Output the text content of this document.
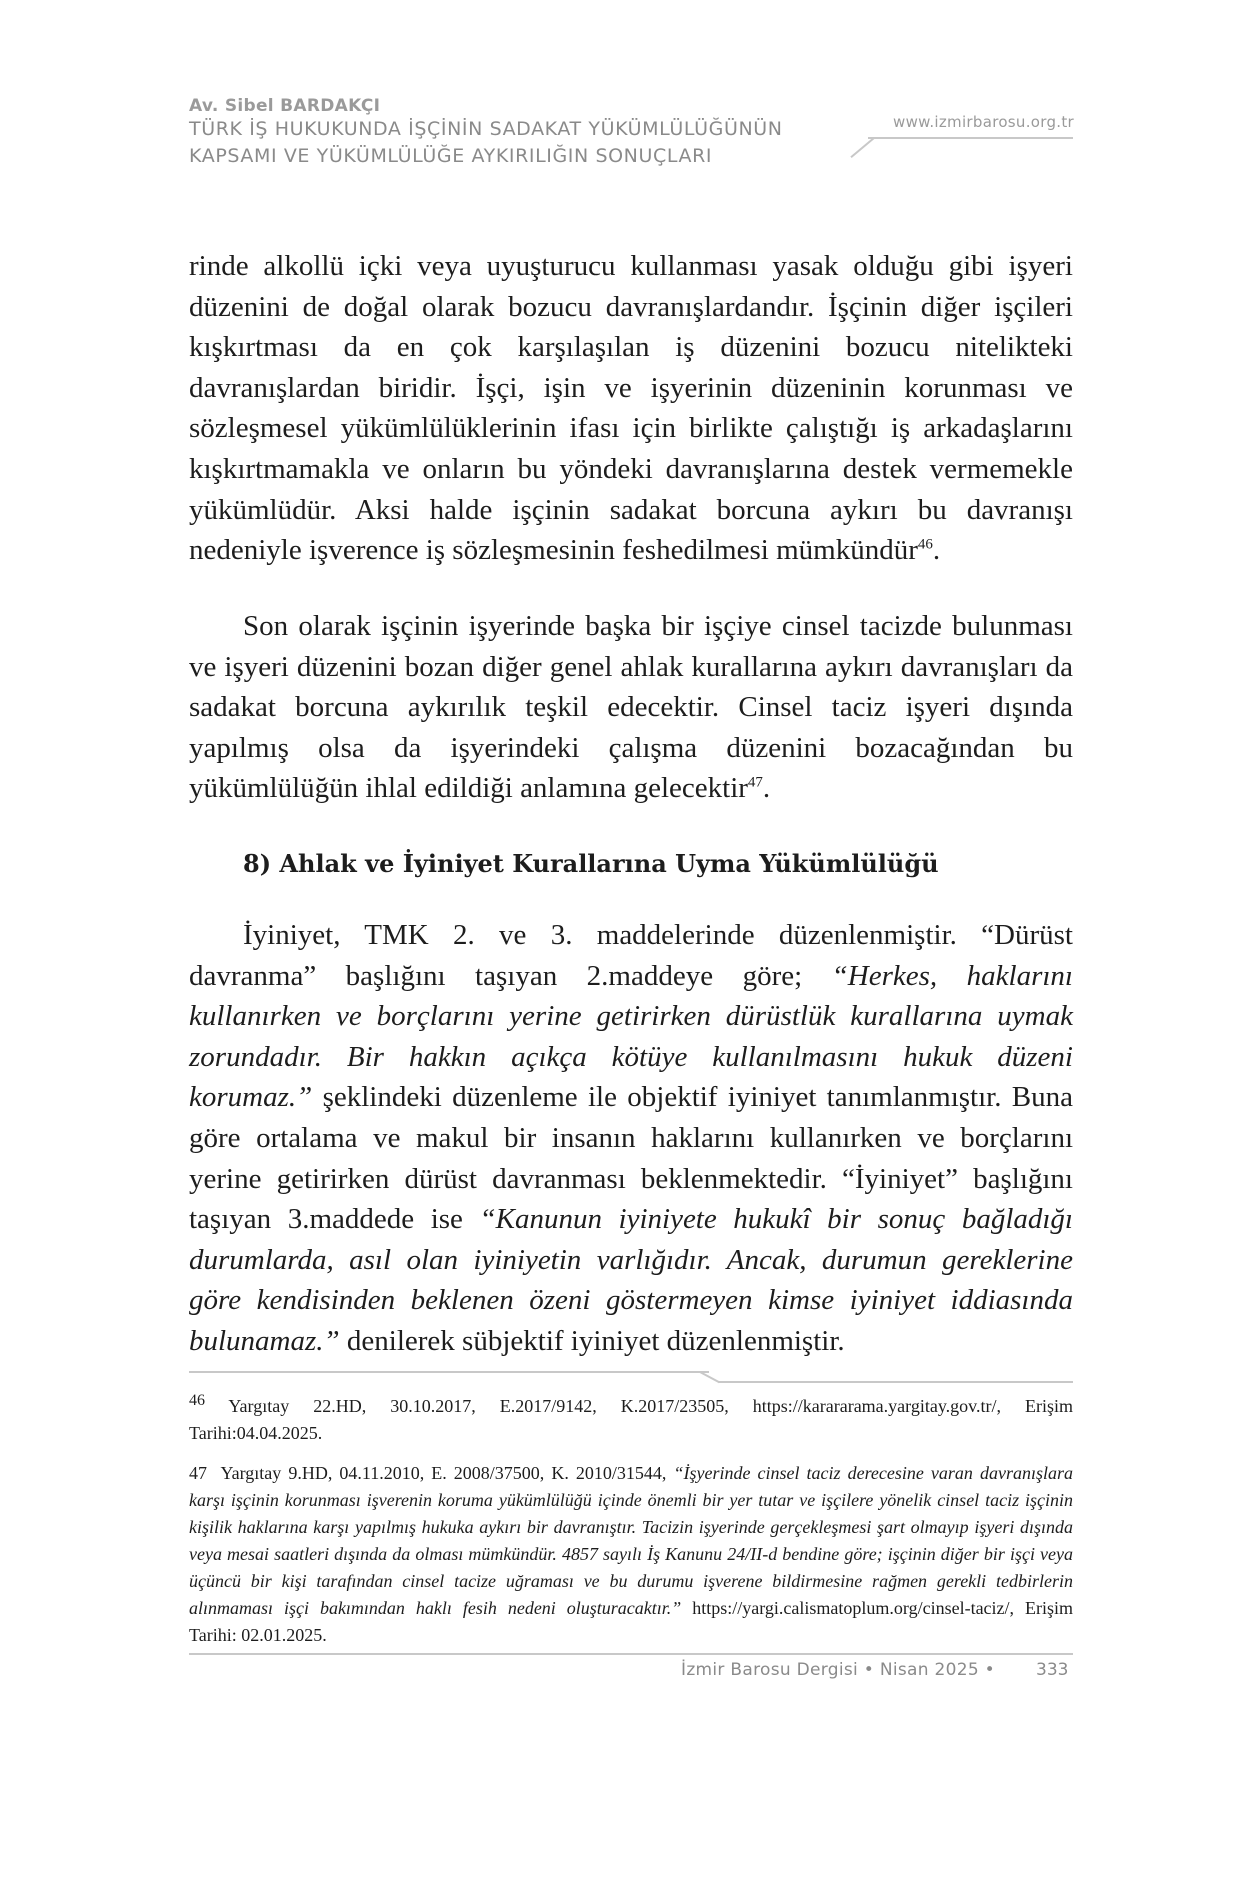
Av. Sibel BARDAKÇI
TÜRK İŞ HUKUKUNDA İŞÇİNİN SADAKAT YÜKÜMLÜLÜĞÜNÜN
KAPSAMI VE YÜKÜMLÜLÜĞE AYKIRILIĞIN SONUÇLARI
www.izmirbarosu.org.tr
rinde alkollü içki veya uyuşturucu kullanması yasak olduğu gibi işyeri düzenini de doğal olarak bozucu davranışlardandır. İşçinin diğer işçileri kışkırtması da en çok karşılaşılan iş düzenini bozucu nitelikteki davranışlardan biridir. İşçi, işin ve işyerinin düzeninin korunması ve sözleşmesel yükümlülüklerinin ifası için birlikte çalıştığı iş arkadaşlarını kışkırtmamakla ve onların bu yöndeki davranışlarına destek vermemekle yükümlüdür. Aksi halde işçinin sadakat borcuna aykırı bu davranışı nedeniyle işverence iş sözleşmesinin feshedilmesi mümkündür$^{46}$.
Son olarak işçinin işyerinde başka bir işçiye cinsel tacizde bulunması ve işyeri düzenini bozan diğer genel ahlak kurallarına aykırı davranışları da sadakat borcuna aykırılık teşkil edecektir. Cinsel taciz işyeri dışında yapılmış olsa da işyerindeki çalışma düzenini bozacağından bu yükümlülüğün ihlal edildiği anlamına gelecektir$^{47}$.
8) Ahlak ve İyiniyet Kurallarına Uyma Yükümlülüğü
İyiniyet, TMK 2. ve 3. maddelerinde düzenlenmiştir. “Dürüst davranma” başlığını taşıyan 2.maddeye göre; “Herkes, haklarını kullanırken ve borçlarını yerine getirirken dürüstlük kurallarına uymak zorundadır. Bir hakkın açıkça kötüye kullanılmasını hukuk düzeni korumaz.” şeklindeki düzenleme ile objektif iyiniyet tanımlanmıştır. Buna göre ortalama ve makul bir insanın haklarını kullanırken ve borçlarını yerine getirirken dürüst davranması beklenmektedir. “İyiniyet” başlığını taşıyan 3.maddede ise “Kanunun iyiniyete hukukî bir sonuç bağladığı durumlarda, asıl olan iyiniyetin varlığıdır. Ancak, durumun gereklerine göre kendisinden beklenen özeni göstermeyen kimse iyiniyet iddiasında bulunamaz.” denilerek sübjektif iyiniyet düzenlenmiştir.
46 Yargıtay 22.HD, 30.10.2017, E.2017/9142, K.2017/23505, https://karararama.yargitay.gov.tr/, Erişim Tarihi:04.04.2025.
47 Yargıtay 9.HD, 04.11.2010, E. 2008/37500, K. 2010/31544, “İşyerinde cinsel taciz derecesine varan davranışlara karşı işçinin korunması işverenin koruma yükümlülüğü içinde önemli bir yer tutar ve işçilere yönelik cinsel taciz işçinin kişilik haklarına karşı yapılmış hukuka aykırı bir davranıştır. Tacizin işyerinde gerçekleşmesi şart olmayıp işyeri dışında veya mesai saatleri dışında da olması mümkündür. 4857 sayılı İş Kanunu 24/II-d bendine göre; işçinin diğer bir işçi veya üçüncü bir kişi tarafından cinsel tacize uğraması ve bu durumu işverene bildirmesine rağmen gerekli tedbirlerin alınmaması işçi bakımından haklı fesih nedeni oluşturacaktır.” https://yargi.calismatoplum.org/cinsel-taciz/, Erişim Tarihi: 02.01.2025.
İzmir Barosu Dergisi • Nisan 2025 • 333
